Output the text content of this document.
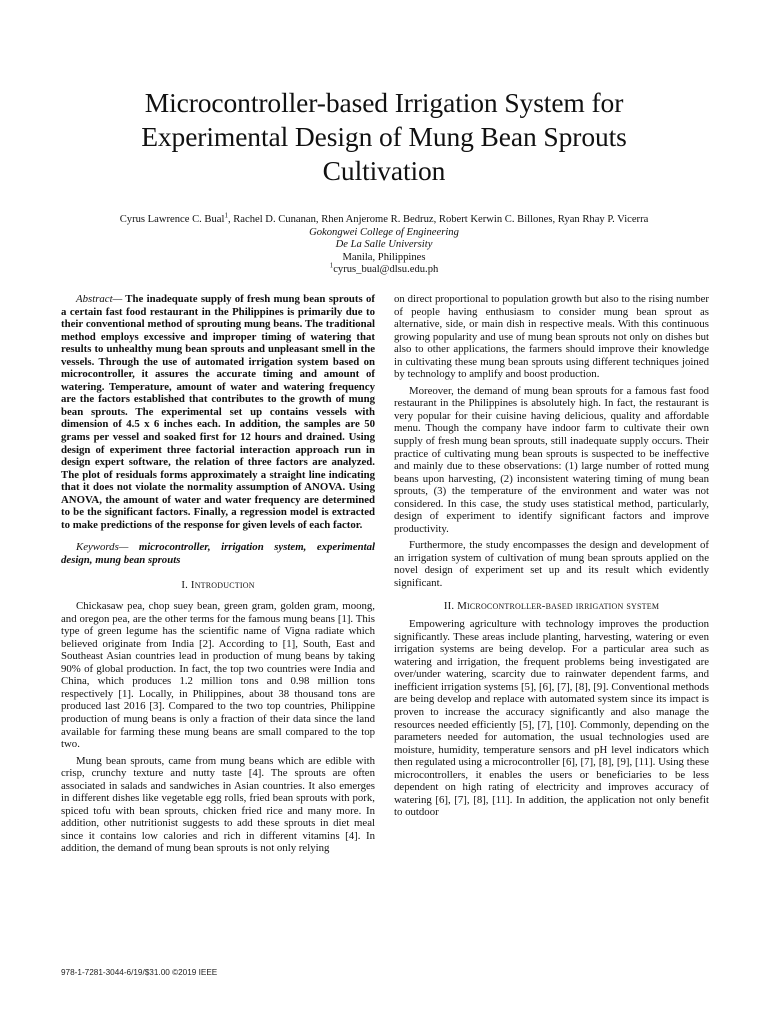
Microcontroller-based Irrigation System for Experimental Design of Mung Bean Sprouts Cultivation
Cyrus Lawrence C. Bual$^1$, Rachel D. Cunanan, Rhen Anjerome R. Bedruz, Robert Kerwin C. Billones, Ryan Rhay P. Vicerra
Gokongwei College of Engineering
De La Salle University
Manila, Philippines
$^1$cyrus_bual@dlsu.edu.ph

Abstract— The inadequate supply of fresh mung bean sprouts of a certain fast food restaurant in the Philippines is primarily due to their conventional method of sprouting mung beans. The traditional method employs excessive and improper timing of watering that results to unhealthy mung bean sprouts and unpleasant smell in the vessels. Through the use of automated irrigation system based on microcontroller, it assures the accurate timing and amount of watering. Temperature, amount of water and watering frequency are the factors established that contributes to the growth of mung bean sprouts. The experimental set up contains vessels with dimension of 4.5 x 6 inches each. In addition, the samples are 50 grams per vessel and soaked first for 12 hours and drained. Using design of experiment three factorial interaction approach run in design expert software, the relation of three factors are analyzed. The plot of residuals forms approximately a straight line indicating that it does not violate the normality assumption of ANOVA. Using ANOVA, the amount of water and water frequency are determined to be the significant factors. Finally, a regression model is extracted to make predictions of the response for given levels of each factor.

Keywords— microcontroller, irrigation system, experimental design, mung bean sprouts

I. Introduction

Chickasaw pea, chop suey bean, green gram, golden gram, moong, and oregon pea, are the other terms for the famous mung beans [1]. This type of green legume has the scientific name of Vigna radiate which believed originate from India [2]. According to [1], South, East and Southeast Asian countries lead in production of mung beans by taking 90% of global production. In fact, the top two countries were India and China, which produces 1.2 million tons and 0.98 million tons respectively [1]. Locally, in Philippines, about 38 thousand tons are produced last 2016 [3]. Compared to the two top countries, Philippine production of mung beans is only a fraction of their data since the land available for farming these mung beans are small compared to the top two.

Mung bean sprouts, came from mung beans which are edible with crisp, crunchy texture and nutty taste [4]. The sprouts are often associated in salads and sandwiches in Asian countries. It also emerges in different dishes like vegetable egg rolls, fried bean sprouts with pork, spiced tofu with bean sprouts, chicken fried rice and many more. In addition, other nutritionist suggests to add these sprouts in diet meal since it contains low calories and rich in different vitamins [4]. In addition, the demand of mung bean sprouts is not only relying

on direct proportional to population growth but also to the rising number of people having enthusiasm to consider mung bean sprout as alternative, side, or main dish in respective meals. With this continuous growing popularity and use of mung bean sprouts not only on dishes but also to other applications, the farmers should improve their knowledge in cultivating these mung bean sprouts using different techniques joined by technology to amplify and boost production.

Moreover, the demand of mung bean sprouts for a famous fast food restaurant in the Philippines is absolutely high. In fact, the restaurant is very popular for their cuisine having delicious, quality and affordable menu. Though the company have indoor farm to cultivate their own supply of fresh mung bean sprouts, still inadequate supply occurs. Their practice of cultivating mung bean sprouts is suspected to be ineffective and mainly due to these observations: (1) large number of rotted mung beans upon harvesting, (2) inconsistent watering timing of mung bean sprouts, (3) the temperature of the environment and water was not considered. In this case, the study uses statistical method, particularly, design of experiment to identify significant factors and improve productivity.

Furthermore, the study encompasses the design and development of an irrigation system of cultivation of mung bean sprouts applied on the novel design of experiment set up and its result which evidently significant.

II. Microcontroller-based irrigation system

Empowering agriculture with technology improves the production significantly. These areas include planting, harvesting, watering or even irrigation systems are being develop. For a particular area such as watering and irrigation, the frequent problems being investigated are over/under watering, scarcity due to rainwater dependent farms, and inefficient irrigation systems [5], [6], [7], [8], [9]. Conventional methods are being develop and replace with automated system since its impact is proven to increase the accuracy significantly and also manage the resources needed efficiently [5], [7], [10]. Commonly, depending on the parameters needed for automation, the usual technologies used are moisture, humidity, temperature sensors and pH level indicators which then regulated using a microcontroller [6], [7], [8], [9], [11]. Using these microcontrollers, it enables the users or beneficiaries to be less dependent on high rating of electricity and improves accuracy of watering [6], [7], [8], [11]. In addition, the application not only benefit to outdoor

978-1-7281-3044-6/19/$31.00 ©2019 IEEE
